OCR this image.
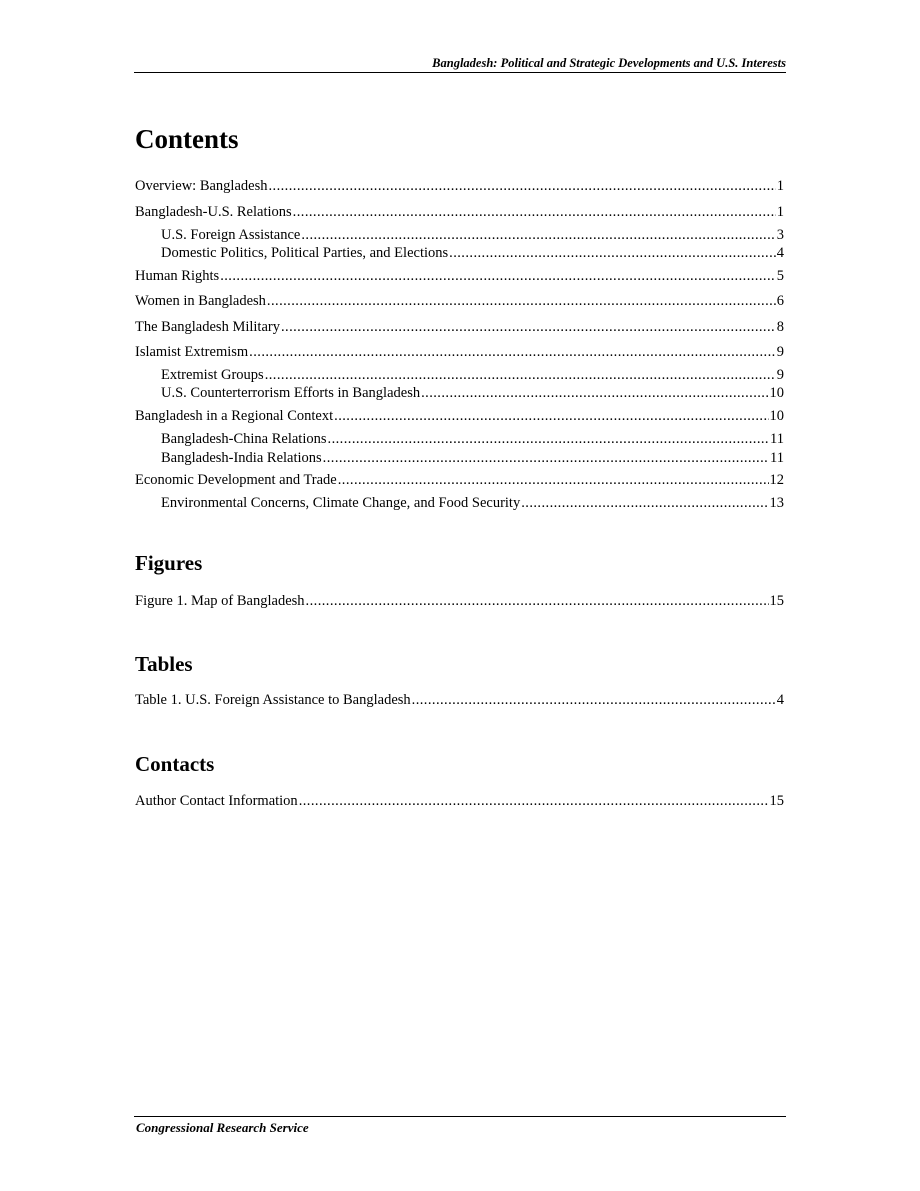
Bangladesh: Political and Strategic Developments and U.S. Interests
Contents
Overview: Bangladesh . . .	1
Bangladesh-U.S. Relations . . .	1
U.S. Foreign Assistance . . .	3
Domestic Politics, Political Parties, and Elections . . .	4
Human Rights . . .	5
Women in Bangladesh . . .	6
The Bangladesh Military . . .	8
Islamist Extremism . . .	9
Extremist Groups . . .	9
U.S. Counterterrorism Efforts in Bangladesh . . .	10
Bangladesh in a Regional Context . . .	10
Bangladesh-China Relations . . .	11
Bangladesh-India Relations . . .	11
Economic Development and Trade . . .	12
Environmental Concerns, Climate Change, and Food Security . . .	13
Figures
Figure 1. Map of Bangladesh . . .	15
Tables
Table 1. U.S. Foreign Assistance to Bangladesh . . .	4
Contacts
Author Contact Information . . .	15
Congressional Research Service
